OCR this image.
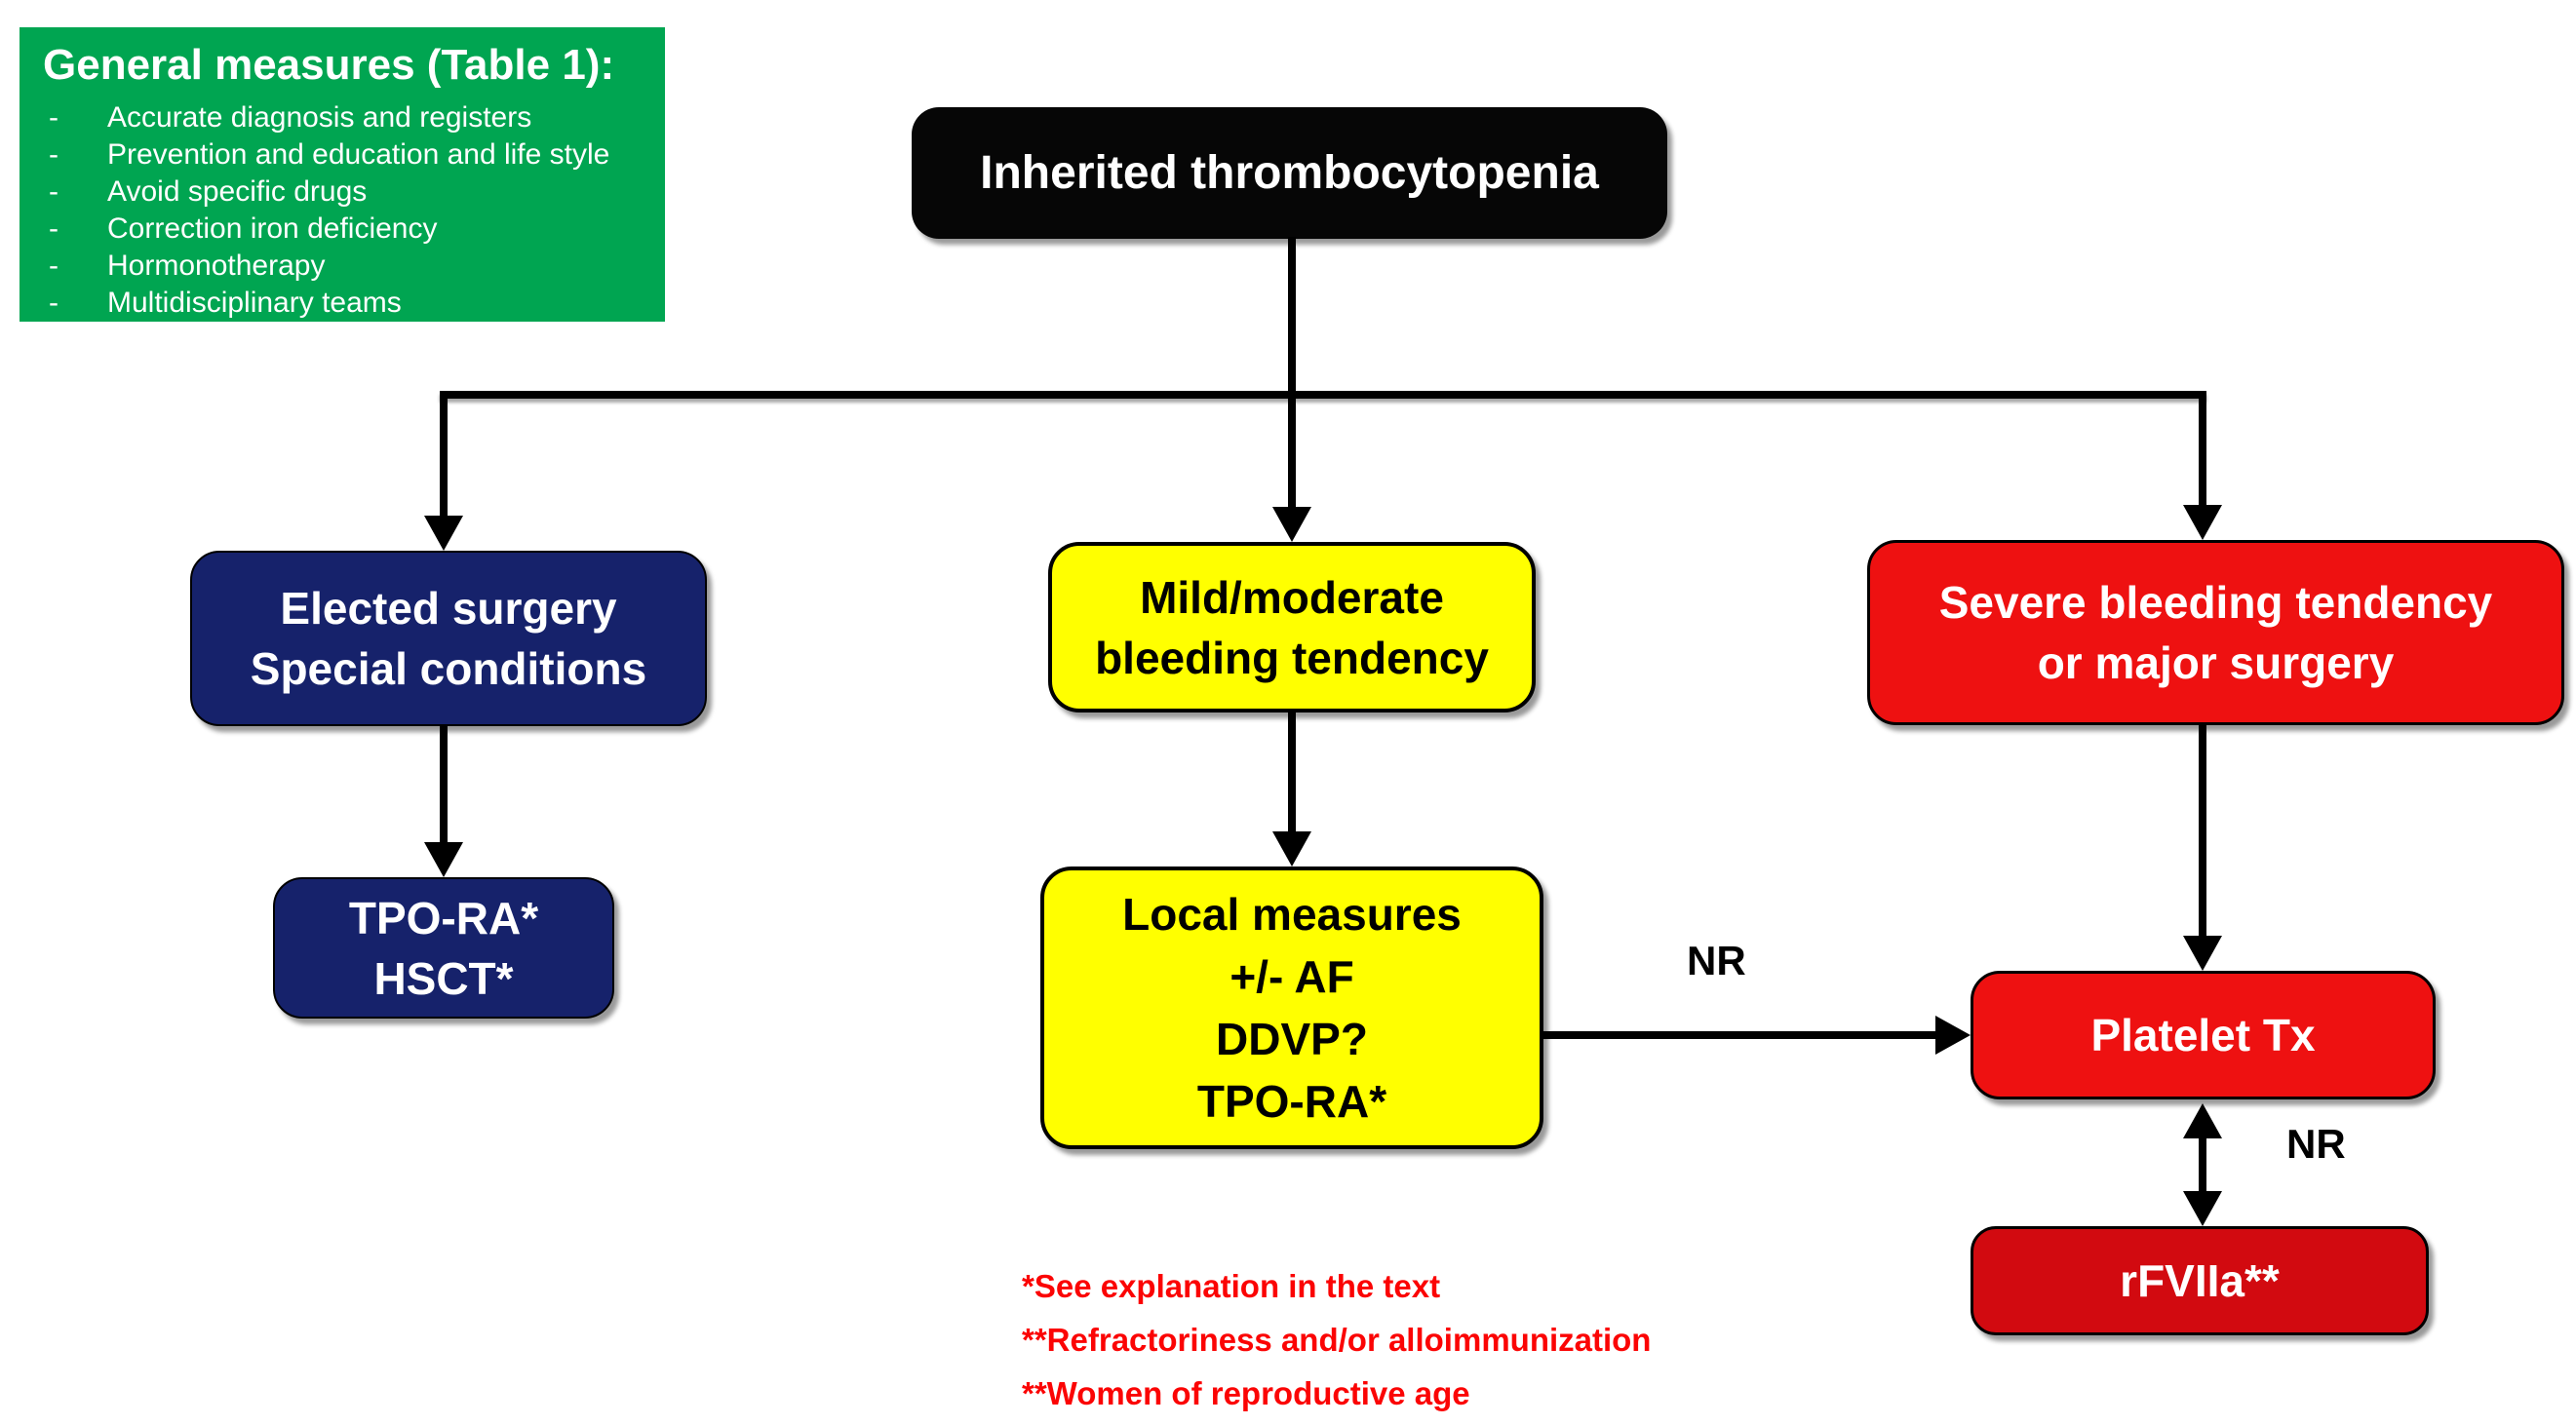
General measures (Table 1):
-	Accurate diagnosis and registers
-	Prevention and education and life style
-	Avoid specific drugs
-	Correction iron deficiency
-	Hormonotherapy
-	Multidisciplinary teams
Inherited thrombocytopenia
Elected surgery
Special conditions
Mild/moderate
bleeding tendency
Severe bleeding tendency
or major surgery
TPO-RA*
HSCT*
Local measures
+/- AF
DDVP?
TPO-RA*
NR
Platelet Tx
NR
rFVIIa**
*See explanation in the text
**Refractoriness and/or alloimmunization
**Women of reproductive age
